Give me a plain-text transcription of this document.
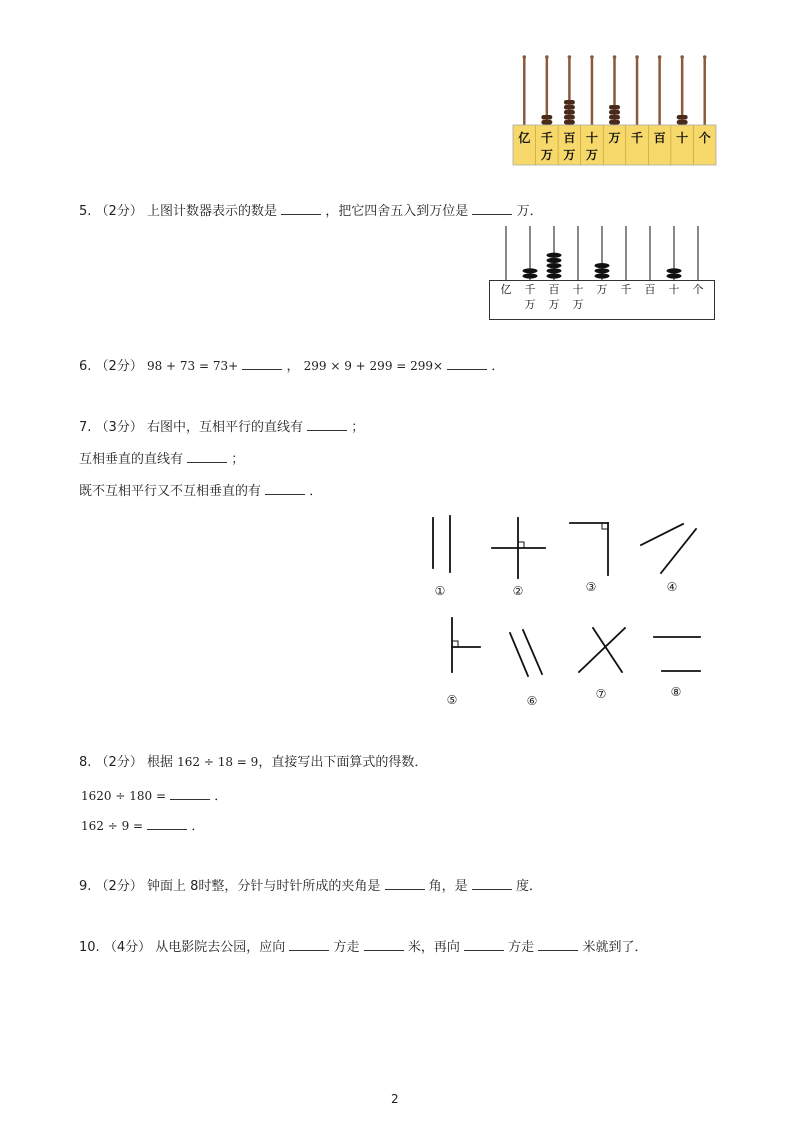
亿 千
万
百
万
十
万
万 千 百 十 个
5. （2分） 上图计数器表示的数是	，把它四舍五入到万位是	万．
亿 千
万
百
万
十
万
万 千 百 十 个
6. （2分） 98 + 73 = 73+	， 299 × 9 + 299 = 299×	．
7. （3分） 右图中，互相平行的直线有	；
互相垂直的直线有	；
既不互相平行又不互相垂直的有	．
①	②	③	④
⑤	⑥	⑦	⑧
8. （2分） 根据 162 ÷ 18 = 9，直接写出下面算式的得数．
1620 ÷ 180 =	．
162 ÷ 9 =	．
9. （2分） 钟面上 8时整，分针与时针所成的夹角是	角，是	度．
10. （4分） 从电影院去公园，应向	方走	米，再向	方走	米就到了．
2
